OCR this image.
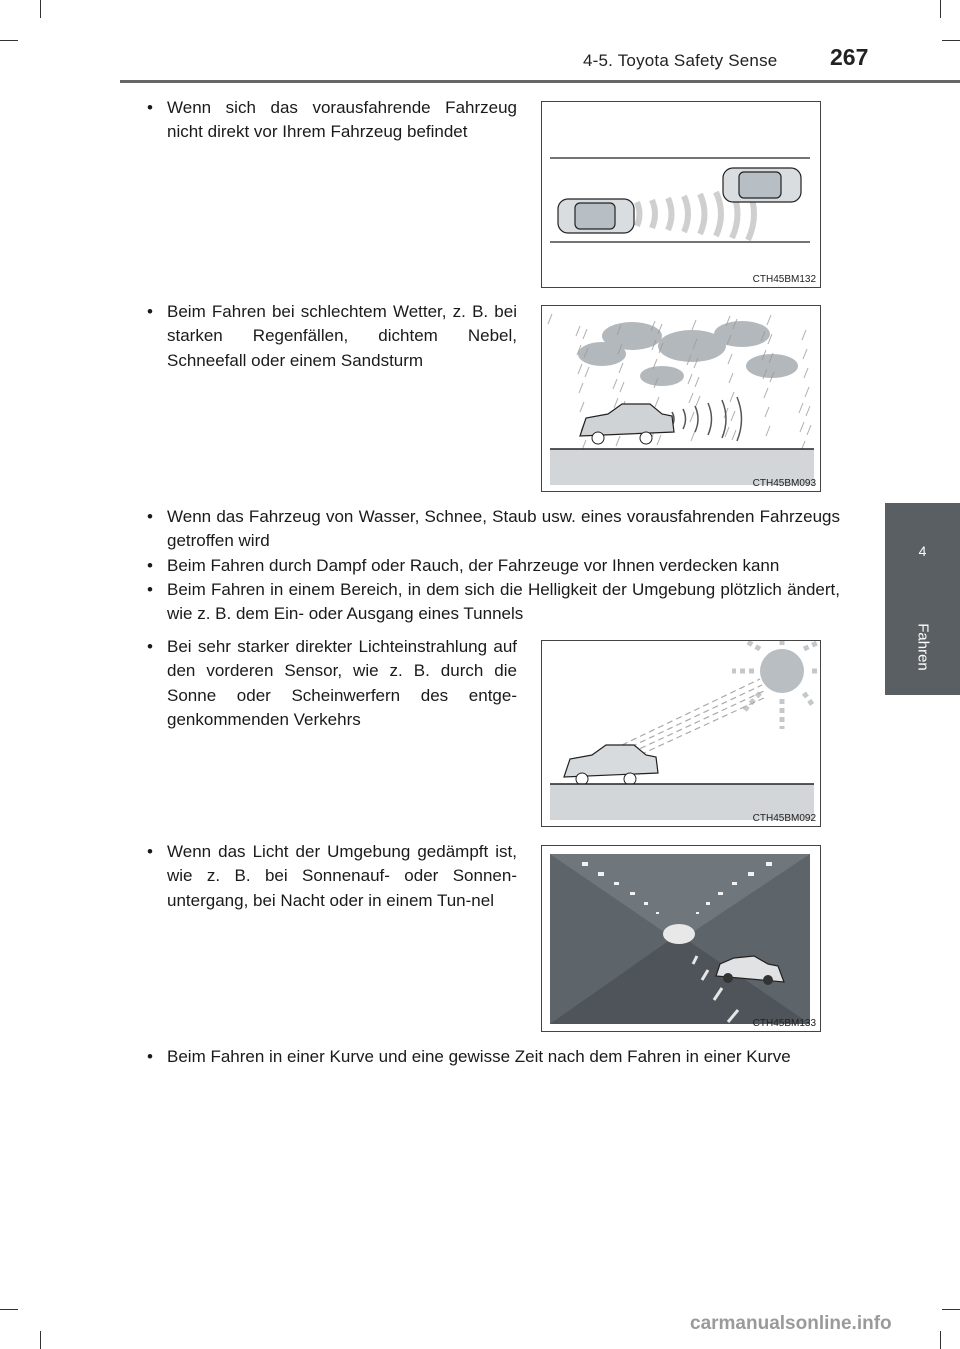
4-5. Toyota Safety Sense 267
4
Fahren
• Wenn sich das vorausfahrende Fahrzeug nicht direkt vor Ihrem Fahrzeug befindet
CTH45BM132
• Beim Fahren bei schlechtem Wetter, z. B. bei starken Regenfällen, dichtem Nebel, Schneefall oder einem Sandsturm
CTH45BM093
• Wenn das Fahrzeug von Wasser, Schnee, Staub usw. eines vorausfahrenden Fahrzeugs getroffen wird
• Beim Fahren durch Dampf oder Rauch, der Fahrzeuge vor Ihnen verdecken kann
• Beim Fahren in einem Bereich, in dem sich die Helligkeit der Umgebung plötzlich ändert, wie z. B. dem Ein- oder Ausgang eines Tunnels
• Bei sehr starker direkter Lichteinstrahlung auf den vorderen Sensor, wie z. B. durch die Sonne oder Scheinwerfern des entge-genkommenden Verkehrs
CTH45BM092
• Wenn das Licht der Umgebung gedämpft ist, wie z. B. bei Sonnenauf- oder Sonnen-untergang, bei Nacht oder in einem Tun-nel
CTH45BM133
• Beim Fahren in einer Kurve und eine gewisse Zeit nach dem Fahren in einer Kurve
carmanualsonline.info
